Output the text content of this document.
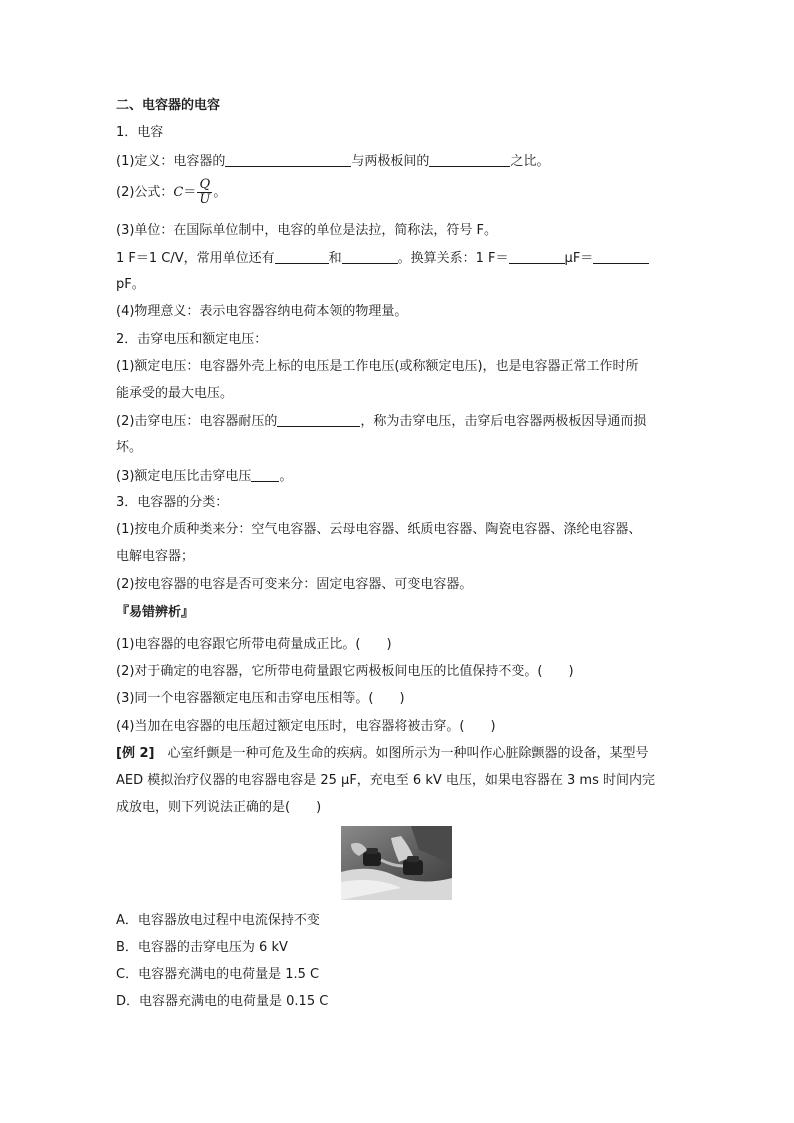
二、电容器的电容
1．电容
(1)定义：电容器的	与两极板间的	之比。
(2)公式：$C= \frac{Q}{U}$ 。
(3)单位：在国际单位制中，电容的单位是法拉，简称法，符号 F。
1 F＝1 C/V，常用单位还有	和	。换算关系：1 F＝	μF＝
pF。
(4)物理意义：表示电容器容纳电荷本领的物理量。
2．击穿电压和额定电压：
(1)额定电压：电容器外壳上标的电压是工作电压(或称额定电压)，也是电容器正常工作时所
能承受的最大电压。
(2)击穿电压：电容器耐压的	，称为击穿电压，击穿后电容器两极板因导通而损
坏。
(3)额定电压比击穿电压 。
3．电容器的分类：
(1)按电介质种类来分：空气电容器、云母电容器、纸质电容器、陶瓷电容器、涤纶电容器、
电解电容器；
(2)按电容器的电容是否可变来分：固定电容器、可变电容器。
『易错辨析』
(1)电容器的电容跟它所带电荷量成正比。(　　)
(2)对于确定的电容器，它所带电荷量跟它两极板间电压的比值保持不变。(　　)
(3)同一个电容器额定电压和击穿电压相等。(　　)
(4)当加在电容器的电压超过额定电压时，电容器将被击穿。(　　)
[例 2]　心室纤颤是一种可危及生命的疾病。如图所示为一种叫作心脏除颤器的设备，某型号
AED 模拟治疗仪器的电容器电容是 25 μF，充电至 6 kV 电压，如果电容器在 3 ms 时间内完
成放电，则下列说法正确的是(　　)
A．电容器放电过程中电流保持不变
B．电容器的击穿电压为 6 kV
C．电容器充满电的电荷量是 1.5 C
D．电容器充满电的电荷量是 0.15 C
